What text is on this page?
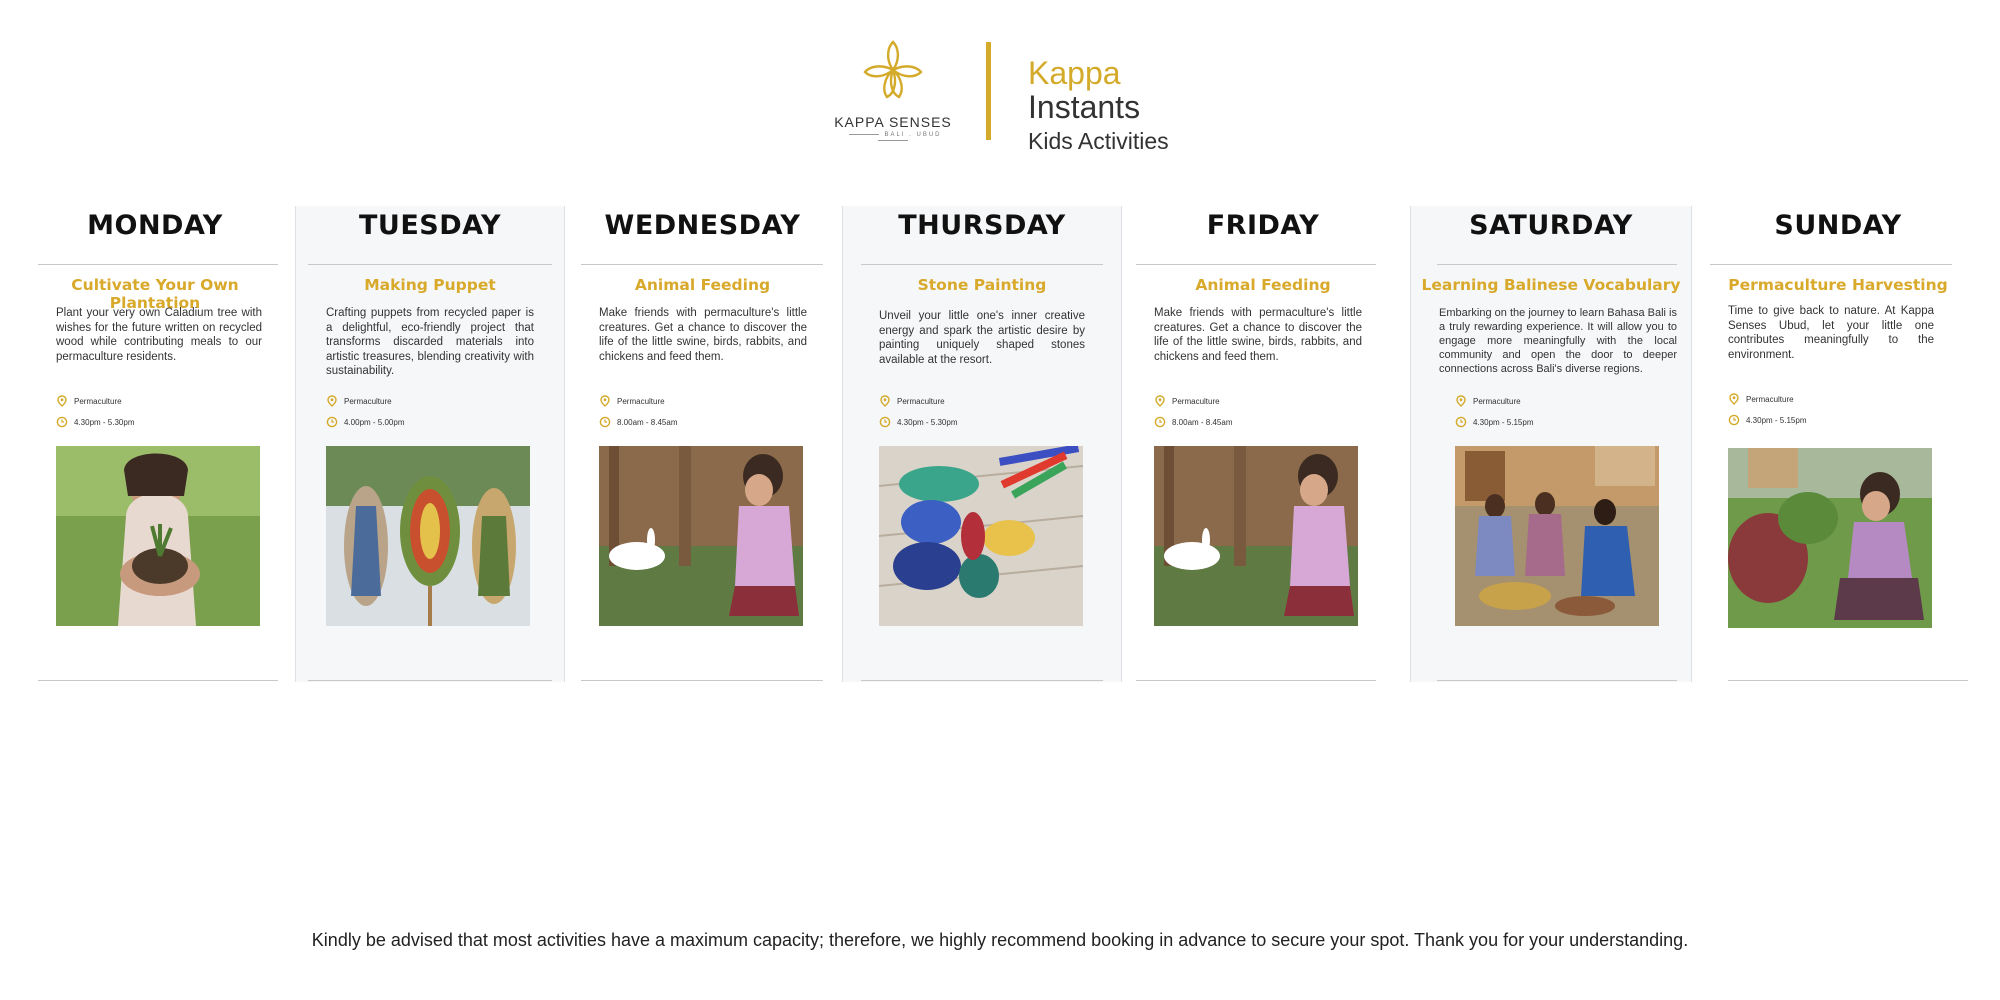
KAPPA SENSES
BALI . UBUD
Kappa
Instants
Kids Activities
MONDAY
Cultivate Your Own Plantation
Plant your very own Caladium tree with wishes for the future written on recycled wood while contributing meals to our permaculture residents.
Permaculture
4.30pm - 5.30pm
TUESDAY
Making Puppet
Crafting puppets from recycled paper is a delightful, eco-friendly project that transforms discarded materials into artistic treasures, blending creativity with sustainability.
Permaculture
4.00pm - 5.00pm
WEDNESDAY
Animal Feeding
Make friends with permaculture's little creatures. Get a chance to discover the life of the little swine, birds, rabbits, and chickens and feed them.
Permaculture
8.00am - 8.45am
THURSDAY
Stone Painting
Unveil your little one's inner creative energy and spark the artistic desire by painting uniquely shaped stones available at the resort.
Permaculture
4.30pm - 5.30pm
FRIDAY
Animal Feeding
Make friends with permaculture's little creatures. Get a chance to discover the life of the little swine, birds, rabbits, and chickens and feed them.
Permaculture
8.00am - 8.45am
SATURDAY
Learning Balinese Vocabulary
Embarking on the journey to learn Bahasa Bali is a truly rewarding experience. It will allow you to engage more meaningfully with the local community and open the door to deeper connections across Bali's diverse regions.
Permaculture
4.30pm - 5.15pm
SUNDAY
Permaculture Harvesting
Time to give back to nature. At Kappa Senses Ubud, let your little one contributes meaningfully to the environment.
Permaculture
4.30pm - 5.15pm
Kindly be advised that most activities have a maximum capacity; therefore, we highly recommend booking in advance to secure your spot. Thank you for your understanding.
